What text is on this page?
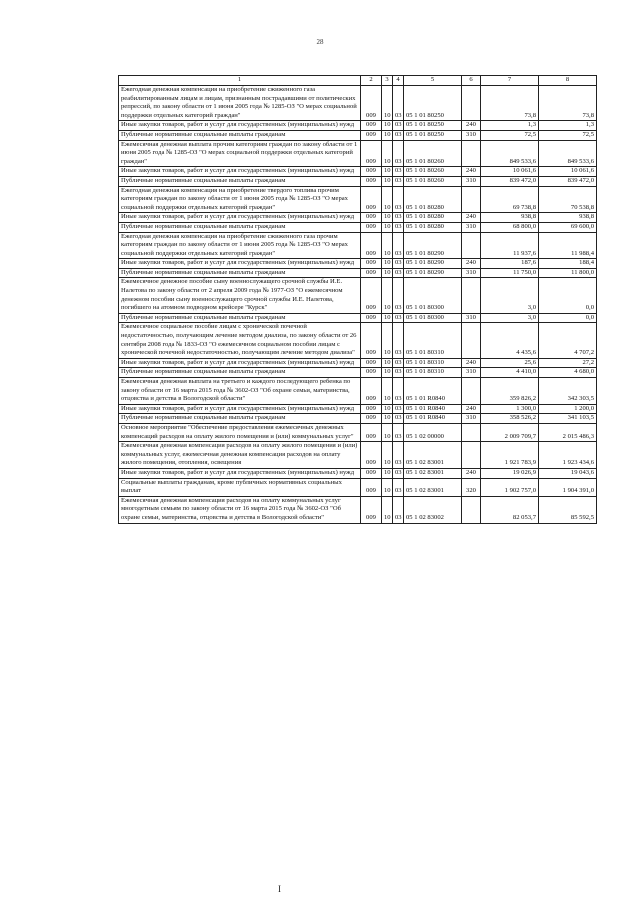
28
1	2	3	4	5	6	7	8
Ежегодная денежная компенсация на приобретение сжиженного газа реабилитированным лицам и лицам, признанным пострадавшими от политических репрессий, по закону области от 1 июня 2005 года № 1285-ОЗ "О мерах социальной поддержки отдельных категорий граждан"	009	10	03	05 1 01 80250		73,8	73,8
Иные закупки товаров, работ и услуг для государственных (муниципальных) нужд	009	10	03	05 1 01 80250	240	1,3	1,3
Публичные нормативные социальные выплаты гражданам	009	10	03	05 1 01 80250	310	72,5	72,5
Ежемесячная денежная выплата прочим категориям граждан по закону области от 1 июня 2005 года № 1285-ОЗ "О мерах социальной поддержки отдельных категорий граждан"	009	10	03	05 1 01 80260		849 533,6	849 533,6
Иные закупки товаров, работ и услуг для государственных (муниципальных) нужд	009	10	03	05 1 01 80260	240	10 061,6	10 061,6
Публичные нормативные социальные выплаты гражданам	009	10	03	05 1 01 80260	310	839 472,0	839 472,0
Ежегодная денежная компенсация на приобретение твердого топлива прочим категориям граждан по закону области от 1 июня 2005 года № 1285-ОЗ "О мерах социальной поддержки отдельных категорий граждан"	009	10	03	05 1 01 80280		69 738,8	70 538,8
Иные закупки товаров, работ и услуг для государственных (муниципальных) нужд	009	10	03	05 1 01 80280	240	938,8	938,8
Публичные нормативные социальные выплаты гражданам	009	10	03	05 1 01 80280	310	68 800,0	69 600,0
Ежегодная денежная компенсация на приобретение сжиженного газа прочим категориям граждан по закону области от 1 июня 2005 года № 1285-ОЗ "О мерах социальной поддержки отдельных категорий граждан"	009	10	03	05 1 01 80290		11 937,6	11 988,4
Иные закупки товаров, работ и услуг для государственных (муниципальных) нужд	009	10	03	05 1 01 80290	240	187,6	188,4
Публичные нормативные социальные выплаты гражданам	009	10	03	05 1 01 80290	310	11 750,0	11 800,0
Ежемесячное денежное пособие сыну военнослужащего срочной службы И.Е. Налетова по закону области от 2 апреля 2009 года № 1977-ОЗ "О ежемесячном денежном пособии сыну военнослужащего срочной службы И.Е. Налетова, погибшего на атомном подводном крейсере "Курск"	009	10	03	05 1 01 80300		3,0	0,0
Публичные нормативные социальные выплаты гражданам	009	10	03	05 1 01 80300	310	3,0	0,0
Ежемесячное социальное пособие лицам с хронической почечной недостаточностью, получающим лечение методом диализа, по закону области от 26 сентября 2008 года № 1833-ОЗ "О ежемесячном социальном пособии лицам с хронической почечной недостаточностью, получающим лечение методом диализа"	009	10	03	05 1 01 80310		4 435,6	4 707,2
Иные закупки товаров, работ и услуг для государственных (муниципальных) нужд	009	10	03	05 1 01 80310	240	25,6	27,2
Публичные нормативные социальные выплаты гражданам	009	10	03	05 1 01 80310	310	4 410,0	4 680,0
Ежемесячная денежная выплата на третьего и каждого последующего ребенка по закону области от 16 марта 2015 года № 3602-ОЗ "Об охране семьи, материнства, отцовства и детства в Вологодской области"	009	10	03	05 1 01 R0840		359 826,2	342 303,5
Иные закупки товаров, работ и услуг для государственных (муниципальных) нужд	009	10	03	05 1 01 R0840	240	1 300,0	1 200,0
Публичные нормативные социальные выплаты гражданам	009	10	03	05 1 01 R0840	310	358 526,2	341 103,5
Основное мероприятие "Обеспечение предоставления ежемесячных денежных компенсаций расходов на оплату жилого помещения и (или) коммунальных услуг"	009	10	03	05 1 02 00000		2 009 709,7	2 015 486,3
Ежемесячная денежная компенсация расходов на оплату жилого помещения и (или) коммунальных услуг, ежемесячная денежная компенсация расходов на оплату жилого помещения, отопления, освещения	009	10	03	05 1 02 83001		1 921 783,9	1 923 434,6
Иные закупки товаров, работ и услуг для государственных (муниципальных) нужд	009	10	03	05 1 02 83001	240	19 026,9	19 043,6
Социальные выплаты гражданам, кроме публичных нормативных социальных выплат	009	10	03	05 1 02 83001	320	1 902 757,0	1 904 391,0
Ежемесячная денежная компенсация расходов на оплату коммунальных услуг многодетным семьям по закону области от 16 марта 2015 года № 3602-ОЗ "Об охране семьи, материнства, отцовства и детства в Вологодской области"	009	10	03	05 1 02 83002		82 053,7	85 592,5
I
